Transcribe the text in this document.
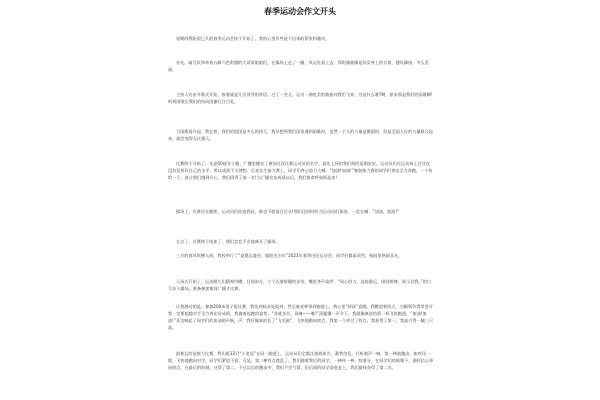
春季运动会作文开头
星期四我盼望已久的春季运动会终于开始了。我的心里有些说不出来的紧张和激动。
首先，敲号队和举着五颜六色彩旗的大哥哥姐姐们，在操场上走了一圈，风远处看上去，那彩旗就像是仙女身上的衣裙，随风飘扬，多么美丽。
主持人宣布开幕式开始，接着就是几位领导的讲话，过了一会儿，运动一曲优美的歌曲向我们飞来，这是什么歌?啊，原来那是我们的国歌啊!听到国歌后我们的纷向国旗行注目礼。
当国歌再升起，我在想，我们的祖国是多么的伟大，我早想到我们国家遇到困难时，虽然一个人的力量是微弱的，但是全国人民的力量联合起来，就会变得无比强大。
比赛终于开始了，先是60迷女子跑，广播里播音了参加这次比赛运动员的名字，最先上场的我们班的是刚安宏，运动员们在运动场上过这次没有发挥好自己的水平，所以成绩不太理想。后来女生接力赛上，同学们齐心协力大喊：“加油!加油!”参加接力赛的同学们拿出全力奔跑，一个传给一个，真让我们感到开心，我们班得了第一名!当广播宣布成绩以后，我们都欢呼雀跃起来!
操场上，比赛还在继续，运动员们你追我赶，谁也不愿落在后头!我们还时时的为运动员们加油，一直在喊：“加油，加油!”
五点了，比赛终于结束了，我们恋恋不舍地离开了操场。
三月的春风吹拂人间，我校举行了“迎奥运盛会、做阳光少年”2021年春季田径运动会，同学们都高采烈，校园里热闹非凡。
入场式开始了，运动健儿们精神抖擞，目视前方，个个迈着矫健的步伐，嘴里齐声高呼：“同心协力，直接奥运，团结拼搏，展示自我。”的口号步入操场，准备参加集体广播才比赛。
让我激动的是，参加200米男子组比赛，我先到检录处报到，然后被老师领到跑道上，我心里“砰砰”直跳。我眺望着终点，为顺利争得荣誉可我一定要超越对手全力奔出好成绩，我做着起跑的姿势，“各就各位，预备——啪!”清脆爆一声令下，我就像离弦的箭一样飞快跑道，“加油!加油!”耳边响起了同学们的加油助声响，声，我好像真的长了“飞毛腿”，飞快地跑向终点，我第一个冲过了终点，我获得了第一，我高兴得一蹦三尺高。
最难忘的是接力比赛，我们班32只“小老虎”在同一跑道上，运动员们全都注视着前方，蓄势待发。只听哨声一响，第一棒就跑出，如疾风一般，飞快地跑向对手，同学们紧追不放，可是，第二棒有点慌乱了。我们随着我后的同学，一棒传一棒，咬着牙，在同学们的鼓舞下，满怀信心冲向终点，在最后的时刻，这得了第二，不过以后的跑步中，我们不会气馁，但后面的同学奋进赶上，我们最终获得了第二名。
